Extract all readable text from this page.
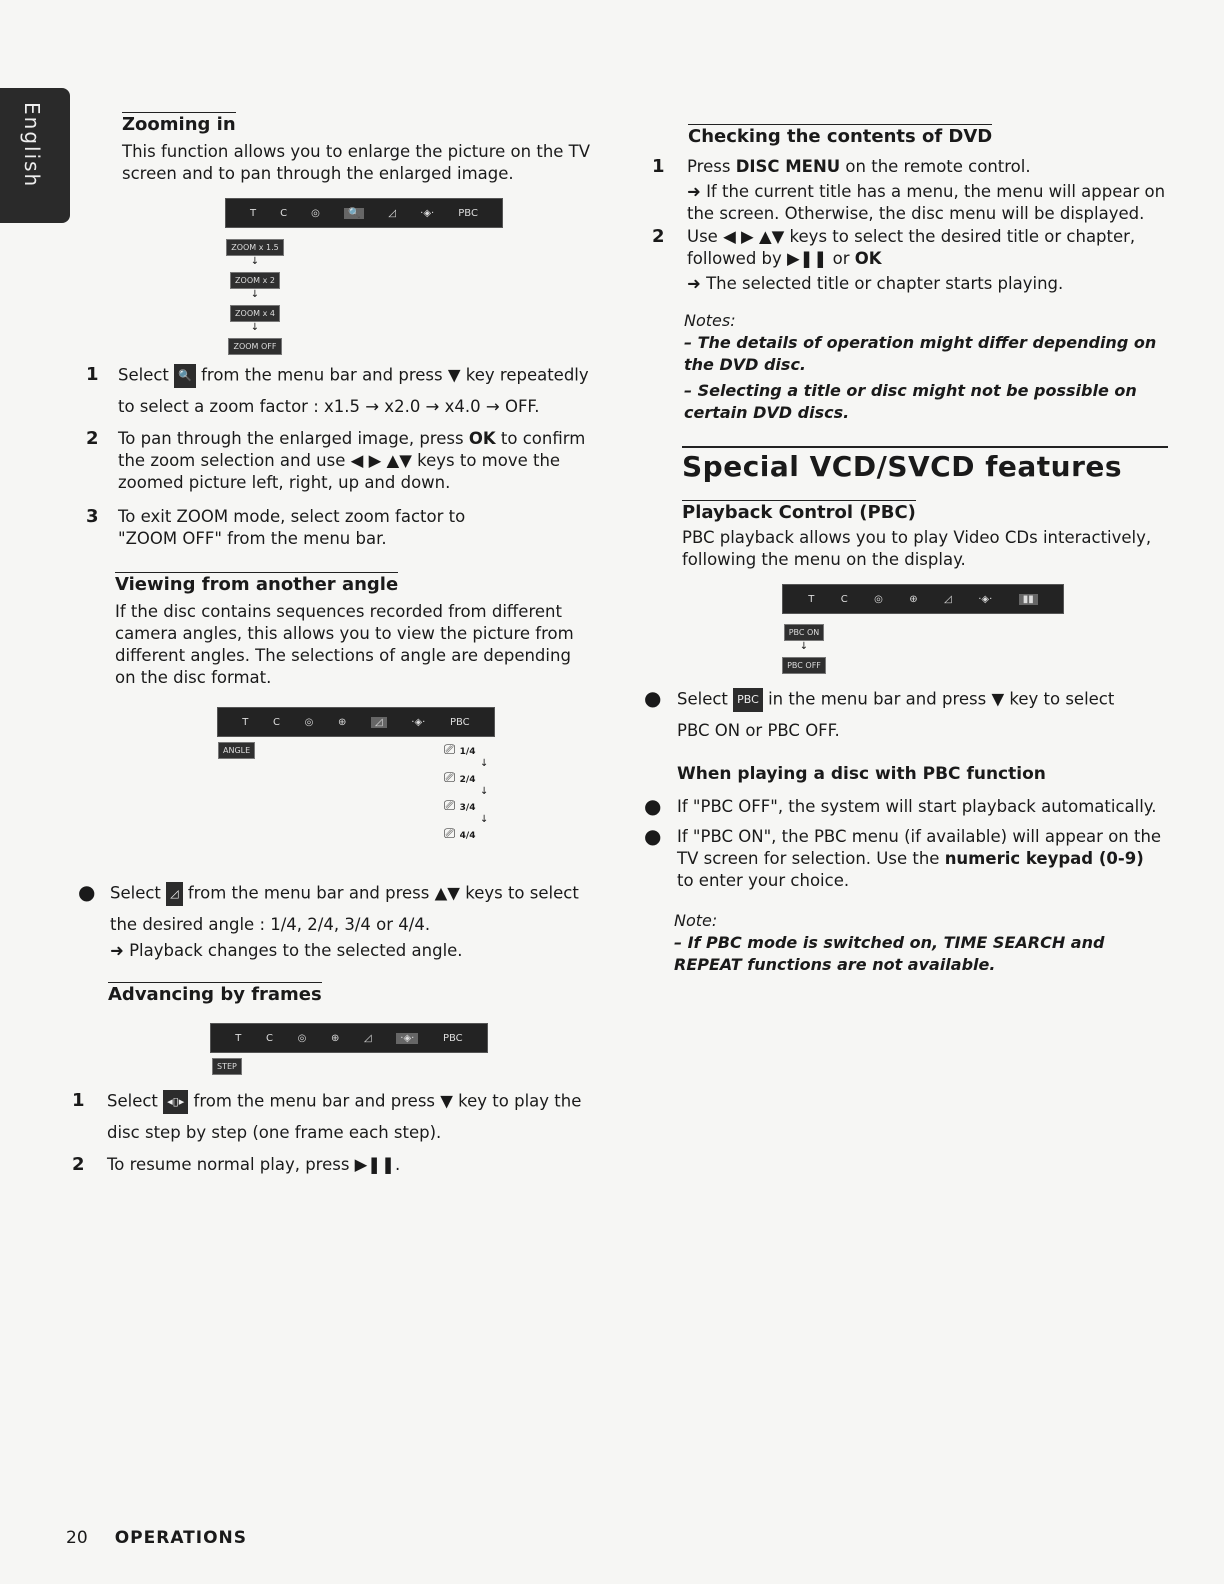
English	Zooming in

This function allows you to enlarge the picture on the TV screen and to pan through the enlarged image.

T C ◎	🔍	◿ ·◈· PBC
ZOOM x 1.5
↓
ZOOM x 2
↓
ZOOM x 4
↓
ZOOM OFF
1 Select 🔍 from the menu bar and press ▼ key repeatedly

to select a zoom factor : x1.5 → x2.0 → x4.0 → OFF.

2 To pan through the enlarged image, press OK to confirm the zoom selection and use ◀ ▶ ▲▼ keys to move the zoomed picture left, right, up and down.

3 To exit ZOOM mode, select zoom factor to "ZOOM OFF" from the menu bar.

Viewing from another angle

If the disc contains sequences recorded from different camera angles, this allows you to view the picture from different angles. The selections of angle are depending on the disc format.

T C ◎ ⊕	◿	·◈· PBC
ANGLE	⎚ 1/4
↓
⎚ 2/4
↓
⎚ 3/4
↓
⎚ 4/4
● Select ◿ from the menu bar and press ▲▼ keys to select

the desired angle : 1/4, 2/4, 3/4 or 4/4.

➜ Playback changes to the selected angle.

Advancing by frames
T C ◎ ⊕ ◿	·◈·	PBC
STEP
1 Select ◂▯▸ from the menu bar and press ▼ key to play the

disc step by step (one frame each step).

2 To resume normal play, press ▶❚❚.

Checking the contents of DVD
1 Press DISC MENU on the remote control.

➜ If the current title has a menu, the menu will appear on the screen. Otherwise, the disc menu will be displayed.

2 Use ◀ ▶ ▲▼ keys to select the desired title or chapter, followed by ▶❚❚ or OK

➜ The selected title or chapter starts playing.

Notes:
– The details of operation might differ depending on the DVD disc.
– Selecting a title or disc might not be possible on certain DVD discs.
Special VCD/SVCD features
Playback Control (PBC)

PBC playback allows you to play Video CDs interactively, following the menu on the display.

T	C	◎	⊕	◿	·◈·	▮▮
PBC ON
↓
PBC OFF
● Select PBC in the menu bar and press ▼ key to select

PBC ON or PBC OFF.

When playing a disc with PBC function
● If "PBC OFF", the system will start playback automatically.

● If "PBC ON", the PBC menu (if available) will appear on the TV screen for selection. Use the numeric keypad (0-9) to enter your choice.

Note:
– If PBC mode is switched on, TIME SEARCH and REPEAT functions are not available.
20 OPERATIONS
